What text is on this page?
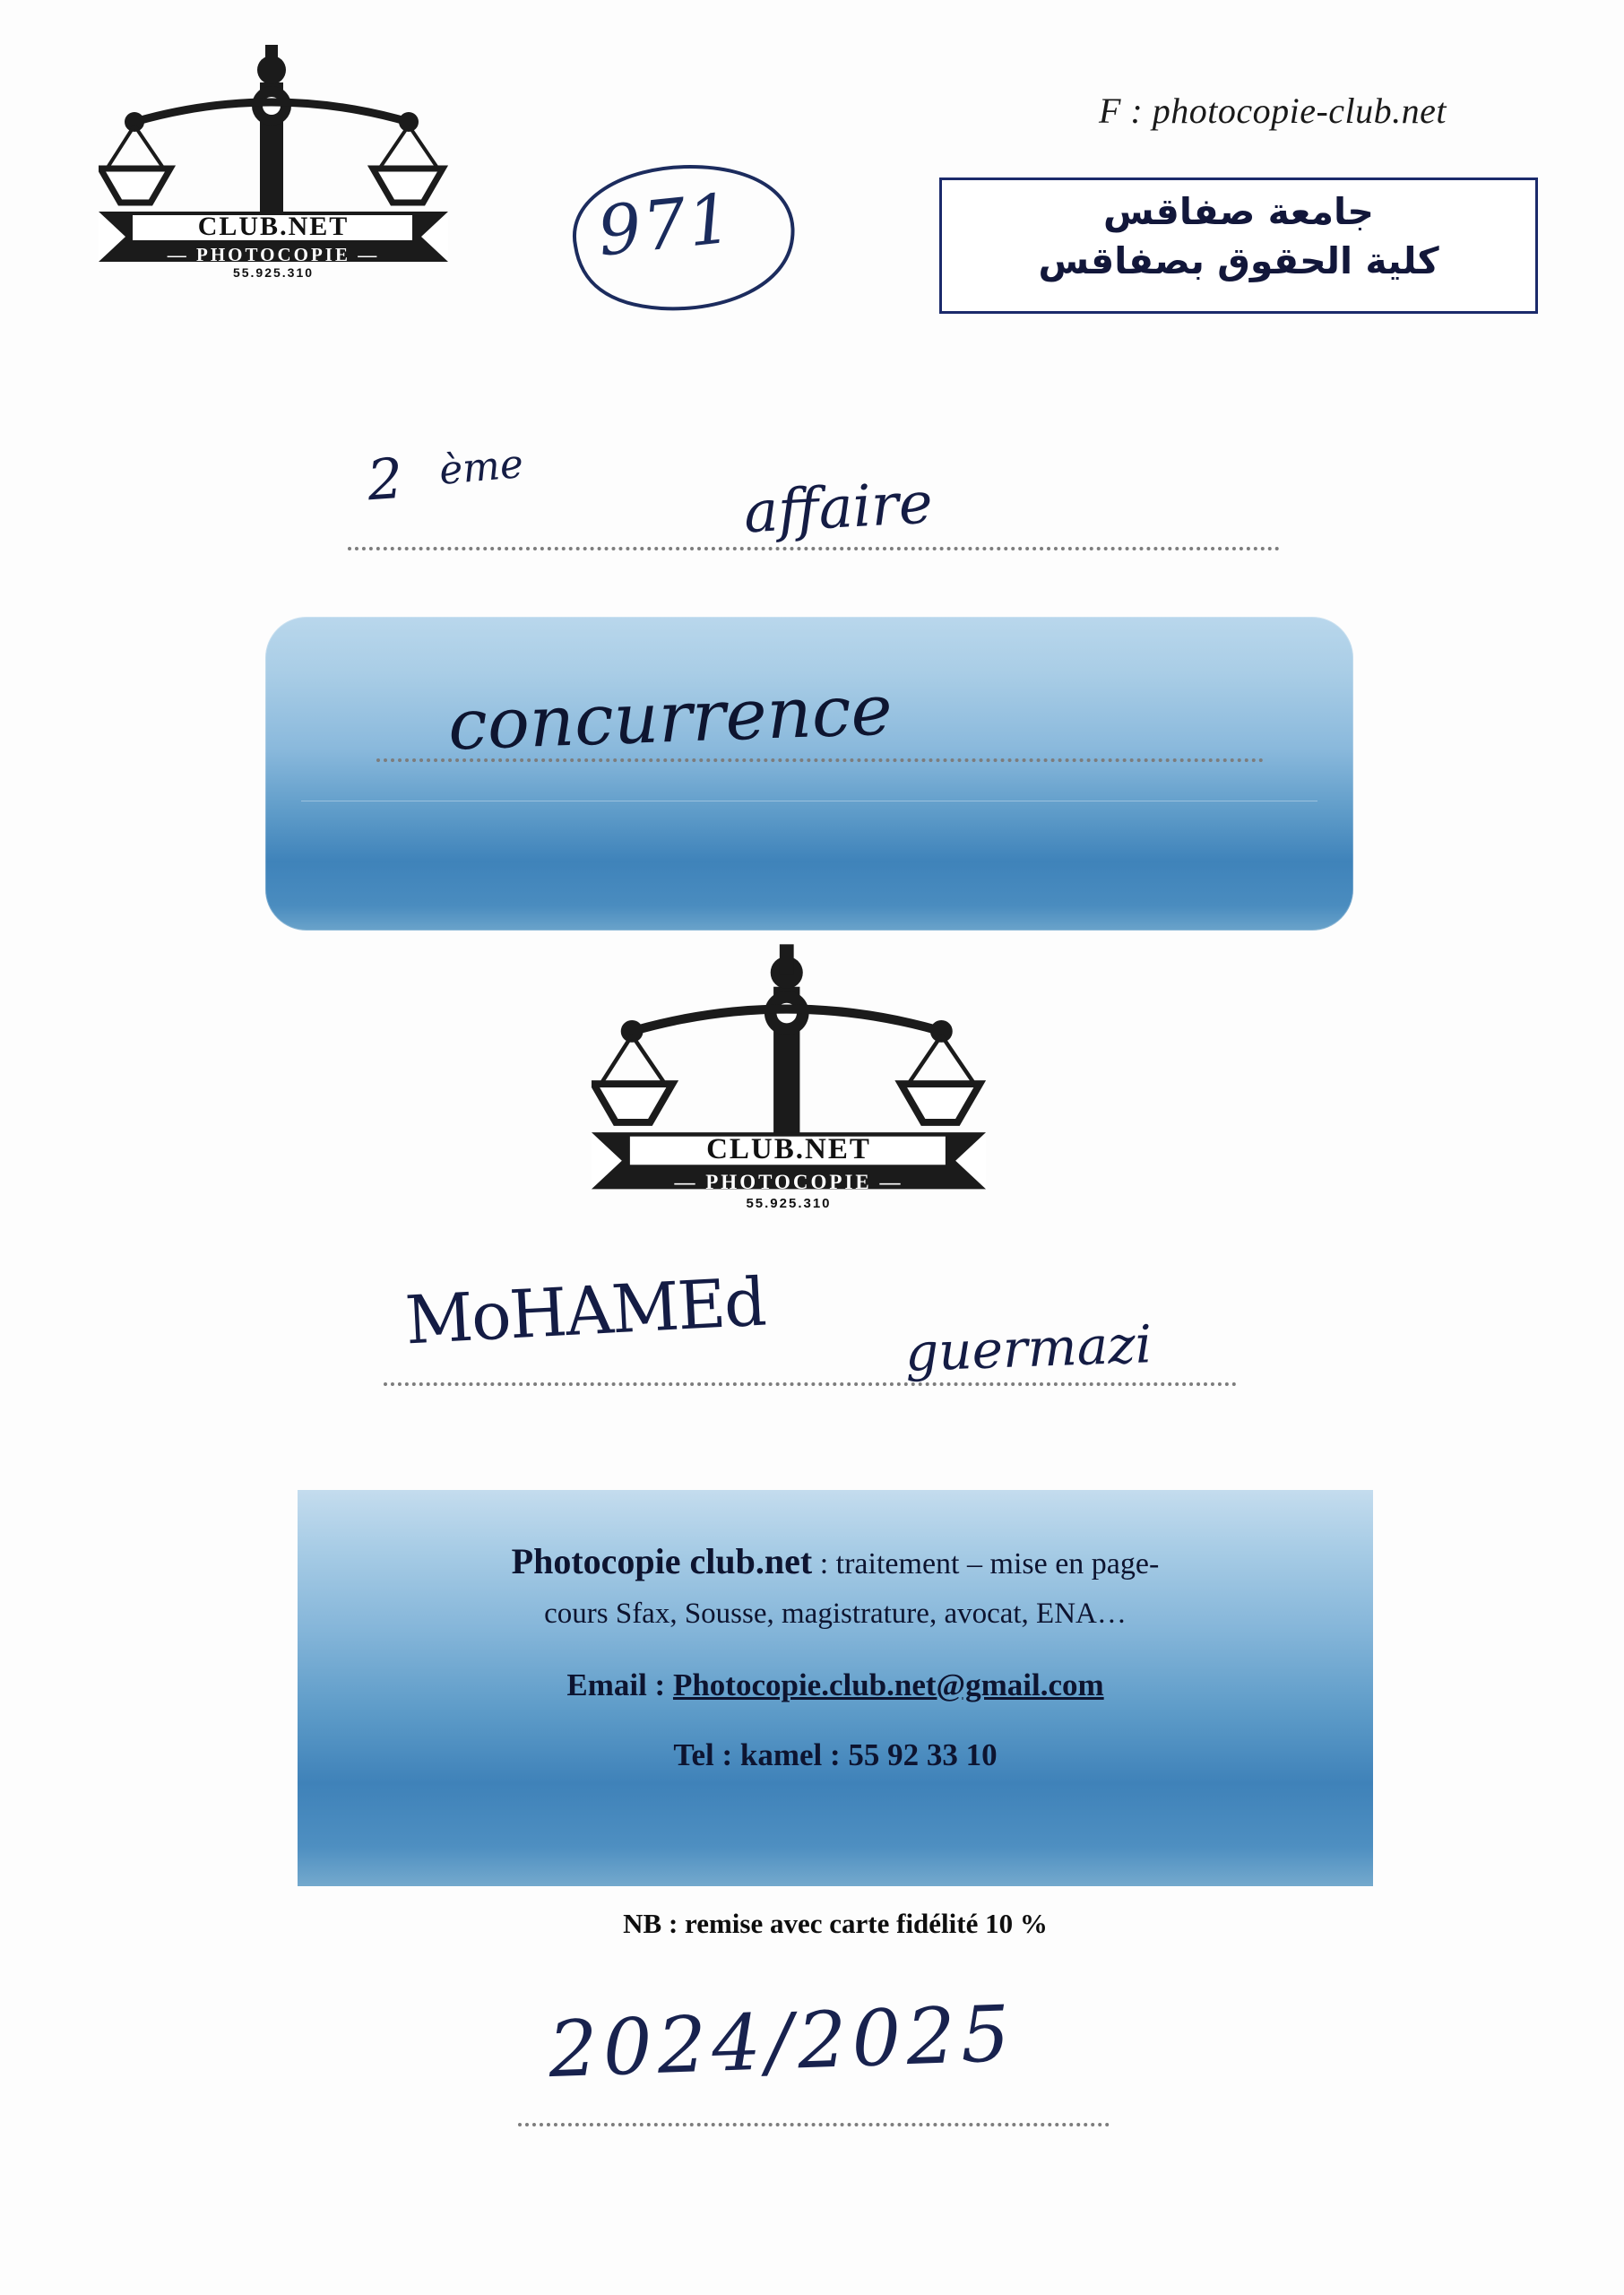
CLUB.NET
— PHOTOCOPIE —
55.925.310
F : photocopie-club.net
جامعة صفاقس
كلية الحقوق بصفاقس
971
2 ème
affaire
concurrence
CLUB.NET
— PHOTOCOPIE —
55.925.310
MoHAMEd	guermazi
Photocopie club.net : traitement – mise en page-
cours Sfax, Sousse, magistrature, avocat, ENA…
Email : Photocopie.club.net@gmail.com
Tel : kamel : 55 92 33 10
NB : remise avec carte fidélité 10 %
2024/2025
